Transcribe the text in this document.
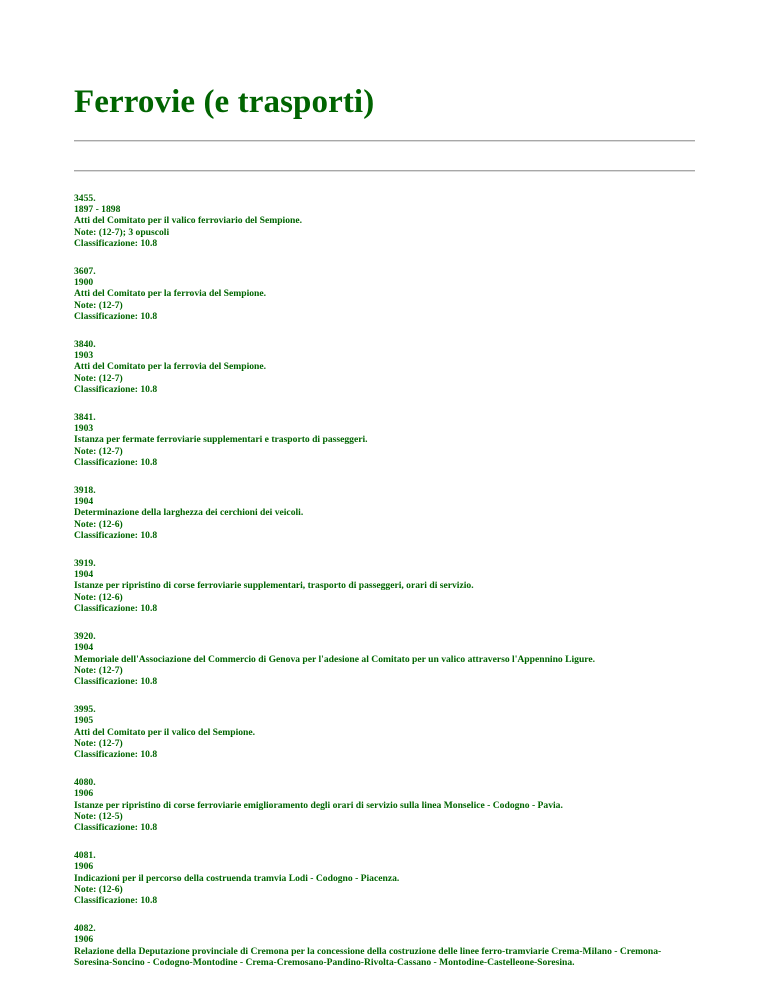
Ferrovie (e trasporti)
3455.
1897 - 1898
Atti del Comitato per il valico ferroviario del Sempione.
Note: (12-7); 3 opuscoli
Classificazione: 10.8
3607.
1900
Atti del Comitato per la ferrovia del Sempione.
Note: (12-7)
Classificazione: 10.8
3840.
1903
Atti del Comitato per la ferrovia del Sempione.
Note: (12-7)
Classificazione: 10.8
3841.
1903
Istanza per fermate ferroviarie supplementari e trasporto di passeggeri.
Note: (12-7)
Classificazione: 10.8
3918.
1904
Determinazione della larghezza dei cerchioni dei veicoli.
Note: (12-6)
Classificazione: 10.8
3919.
1904
Istanze per ripristino di corse ferroviarie supplementari, trasporto di passeggeri, orari di servizio.
Note: (12-6)
Classificazione: 10.8
3920.
1904
Memoriale dell'Associazione del Commercio di Genova per l'adesione al Comitato per un valico attraverso l'Appennino Ligure.
Note: (12-7)
Classificazione: 10.8
3995.
1905
Atti del Comitato per il valico del Sempione.
Note: (12-7)
Classificazione: 10.8
4080.
1906
Istanze per ripristino di corse ferroviarie emiglioramento degli orari di servizio sulla linea Monselice - Codogno - Pavia.
Note: (12-5)
Classificazione: 10.8
4081.
1906
Indicazioni per il percorso della costruenda tramvia Lodi - Codogno - Piacenza.
Note: (12-6)
Classificazione: 10.8
4082.
1906
Relazione della Deputazione provinciale di Cremona per la concessione della costruzione delle linee ferro-tramviarie Crema-Milano - Cremona-Soresina-Soncino - Codogno-Montodine - Crema-Cremosano-Pandino-Rivolta-Cassano - Montodine-Castelleone-Soresina.
